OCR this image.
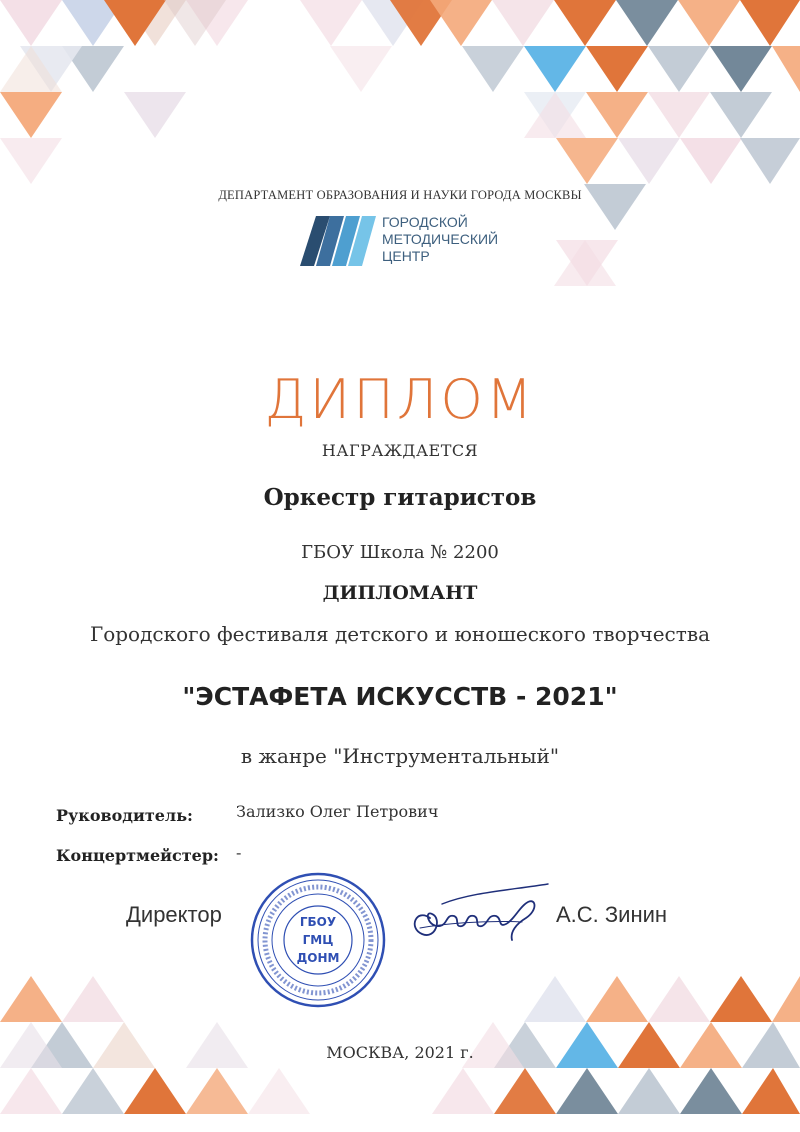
ДЕПАРТАМЕНТ ОБРАЗОВАНИЯ И НАУКИ ГОРОДА МОСКВЫ
ГОРОДСКОЙ
МЕТОДИЧЕСКИЙ
ЦЕНТР
ДИПЛОМ
НАГРАЖДАЕТСЯ
Оркестр гитаристов
ГБОУ Школа № 2200
ДИПЛОМАНТ
Городского фестиваля детского и юношеского творчества
"ЭСТАФЕТА ИСКУССТВ - 2021"
в жанре "Инструментальный"
Руководитель:	Зализко Олег Петрович
Концертмейстер: -
Директор	ГБОУ
ГМЦ
ДОНМ
А.С. Зинин
МОСКВА, 2021 г.
